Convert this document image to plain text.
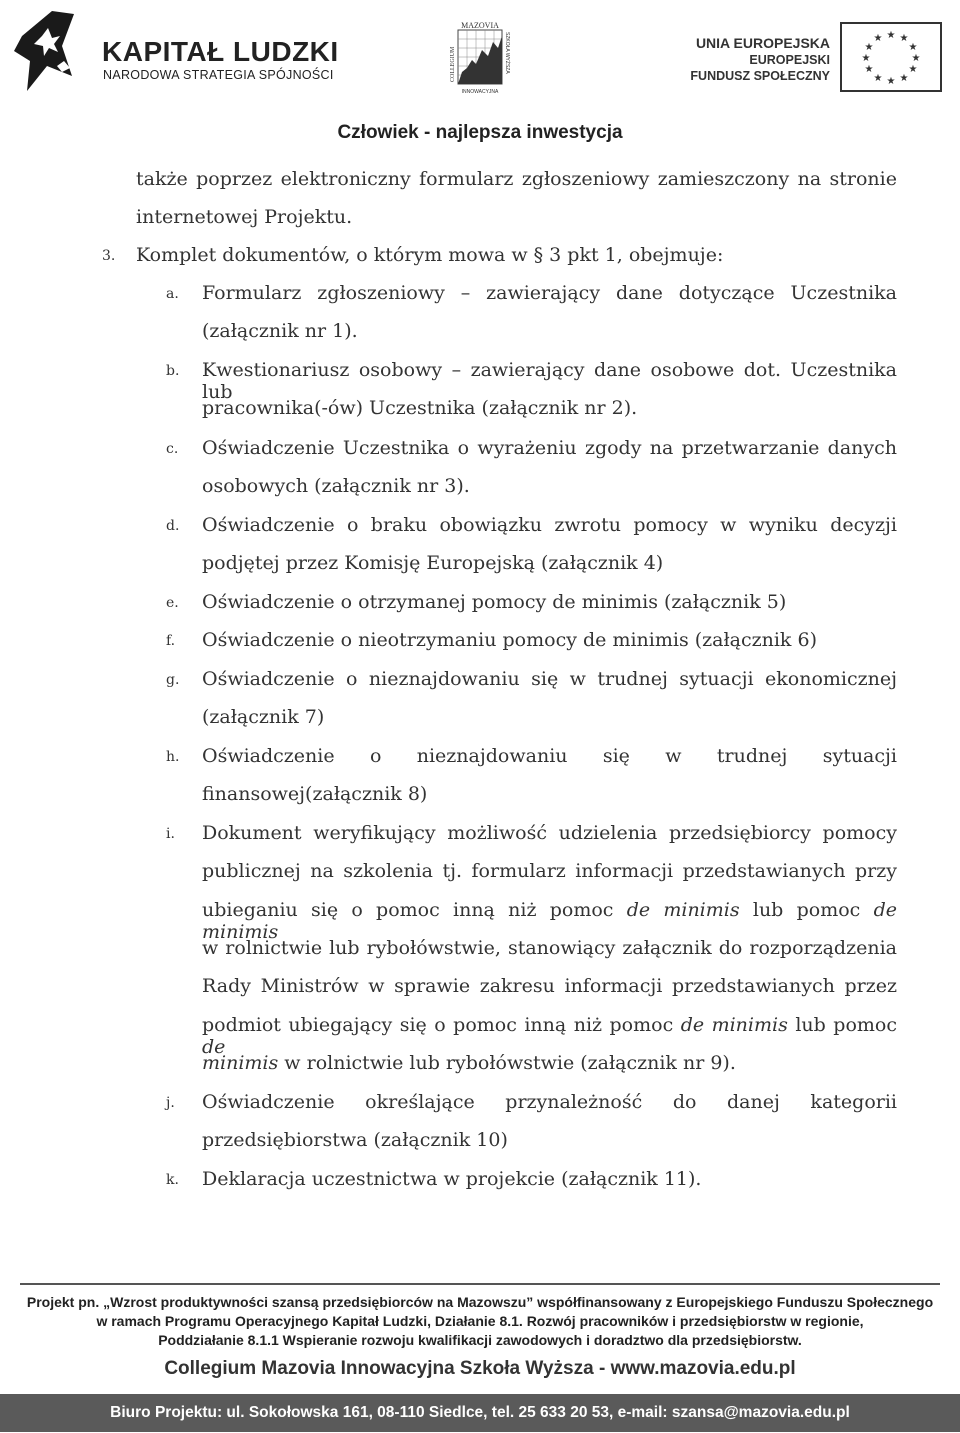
KAPITAŁ LUDZKI
NARODOWA STRATEGIA SPÓJNOŚCI
MAZOVIA
INNOWACYJNA
COLLEGIUM	SZKOŁA WYŻSZA	UNIA EUROPEJSKA
EUROPEJSKI
FUNDUSZ SPOŁECZNY
★ ★
★
★
★
★
★
★
★
★
★
★
Człowiek - najlepsza inwestycja
także poprzez elektroniczny formularz zgłoszeniowy zamieszczony na stronie
internetowej Projektu.
3. Komplet dokumentów, o którym mowa w § 3 pkt 1, obejmuje:
a. Formularz zgłoszeniowy – zawierający dane dotyczące Uczestnika
(załącznik nr 1).
b. Kwestionariusz osobowy – zawierający dane osobowe dot. Uczestnika lub
pracownika(-ów) Uczestnika (załącznik nr 2).
c. Oświadczenie Uczestnika o wyrażeniu zgody na przetwarzanie danych
osobowych (załącznik nr 3).
d. Oświadczenie o braku obowiązku zwrotu pomocy w wyniku decyzji
podjętej przez Komisję Europejską (załącznik 4)
e. Oświadczenie o otrzymanej pomocy de minimis (załącznik 5)
f. Oświadczenie o nieotrzymaniu pomocy de minimis (załącznik 6)
g. Oświadczenie o nieznajdowaniu się w trudnej sytuacji ekonomicznej
(załącznik 7)
h. Oświadczenie o nieznajdowaniu się w trudnej sytuacji
finansowej(załącznik 8)
i. Dokument weryfikujący możliwość udzielenia przedsiębiorcy pomocy
publicznej na szkolenia tj. formularz informacji przedstawianych przy
ubieganiu się o pomoc inną niż pomoc de minimis lub pomoc de minimis
w rolnictwie lub rybołówstwie, stanowiący załącznik do rozporządzenia
Rady Ministrów w sprawie zakresu informacji przedstawianych przez
podmiot ubiegający się o pomoc inną niż pomoc de minimis lub pomoc de
minimis w rolnictwie lub rybołówstwie (załącznik nr 9).
j. Oświadczenie określające przynależność do danej kategorii
przedsiębiorstwa (załącznik 10)
k. Deklaracja uczestnictwa w projekcie (załącznik 11).
Projekt pn. „Wzrost produktywności szansą przedsiębiorców na Mazowszu” współfinansowany z Europejskiego Funduszu Społecznego
w ramach Programu Operacyjnego Kapitał Ludzki, Działanie 8.1. Rozwój pracowników i przedsiębiorstw w regionie,
Poddziałanie 8.1.1 Wspieranie rozwoju kwalifikacji zawodowych i doradztwo dla przedsiębiorstw.
Collegium Mazovia Innowacyjna Szkoła Wyższa - www.mazovia.edu.pl
Biuro Projektu: ul. Sokołowska 161, 08-110 Siedlce, tel. 25 633 20 53, e-mail: szansa@mazovia.edu.pl
